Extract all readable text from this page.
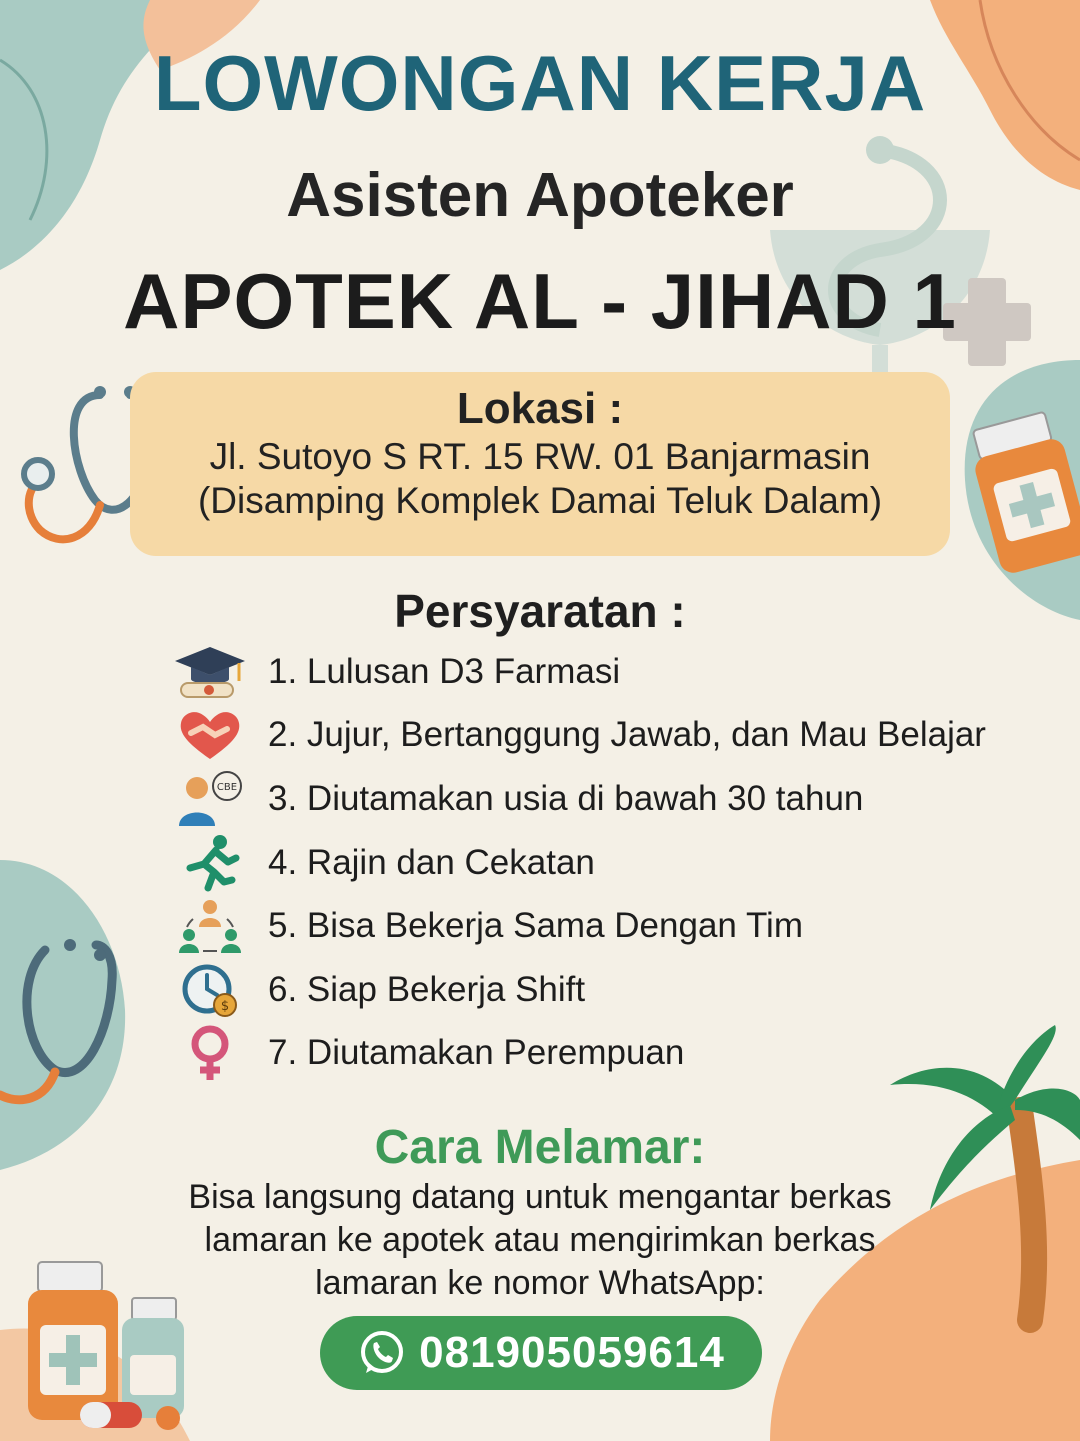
LOWONGAN KERJA
Asisten Apoteker
APOTEK AL - JIHAD 1

Lokasi :

Jl. Sutoyo S RT. 15 RW. 01 Banjarmasin

(Disamping Komplek Damai Teluk Dalam)

Persyaratan :

1. Lulusan D3 Farmasi
2. Jujur, Bertanggung Jawab, dan Mau Belajar
CBE 3. Diutamakan usia di bawah 30 tahun
4. Rajin dan Cekatan
5. Bisa Bekerja Sama Dengan Tim
$ 6. Siap Bekerja Shift
7. Diutamakan Perempuan

Cara Melamar:

Bisa langsung datang untuk mengantar berkas

lamaran ke apotek atau mengirimkan berkas

lamaran ke nomor WhatsApp:

081905059614
